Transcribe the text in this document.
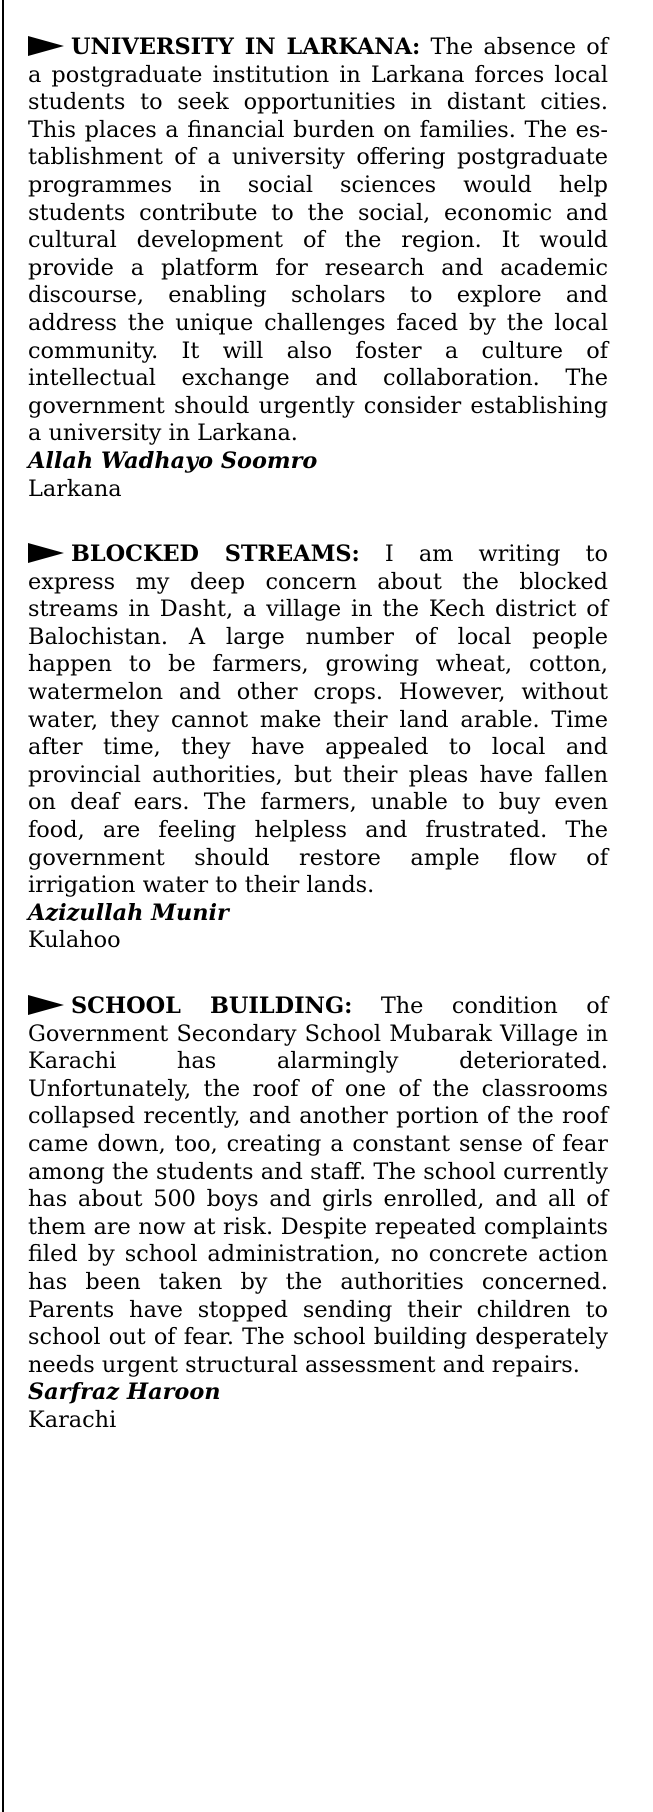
UNIVERSITY IN LARKANA: The absence of a postgraduate institution in Larkana forces local students to seek opportunities in distant cities. This places a financial burden on families. The establishment of a university offering postgraduate programmes in social sciences would help students contribute to the social, economic and cultural development of the region. It would provide a platform for research and academic discourse, enabling scholars to explore and address the unique challenges faced by the local community. It will also foster a culture of intellectual exchange and collaboration. The government should urgently consider establishing a university in Larkana.

Allah Wadhayo Soomro

Larkana

BLOCKED STREAMS: I am writing to express my deep concern about the blocked streams in Dasht, a village in the Kech district of Balochistan. A large number of local people happen to be farmers, growing wheat, cotton, watermelon and other crops. However, without water, they cannot make their land arable. Time after time, they have appealed to local and provincial authorities, but their pleas have fallen on deaf ears. The farmers, unable to buy even food, are feeling helpless and frustrated. The government should restore ample flow of irrigation water to their lands.

Azizullah Munir

Kulahoo

SCHOOL BUILDING: The condition of Government Secondary School Mubarak Village in Karachi has alarmingly deteriorated. Unfortunately, the roof of one of the classrooms collapsed recently, and another portion of the roof came down, too, creating a constant sense of fear among the students and staff. The school currently has about 500 boys and girls enrolled, and all of them are now at risk. Despite repeated complaints filed by school administration, no concrete action has been taken by the authorities concerned. Parents have stopped sending their children to school out of fear. The school building desperately needs urgent structural assessment and repairs.

Sarfraz Haroon

Karachi
